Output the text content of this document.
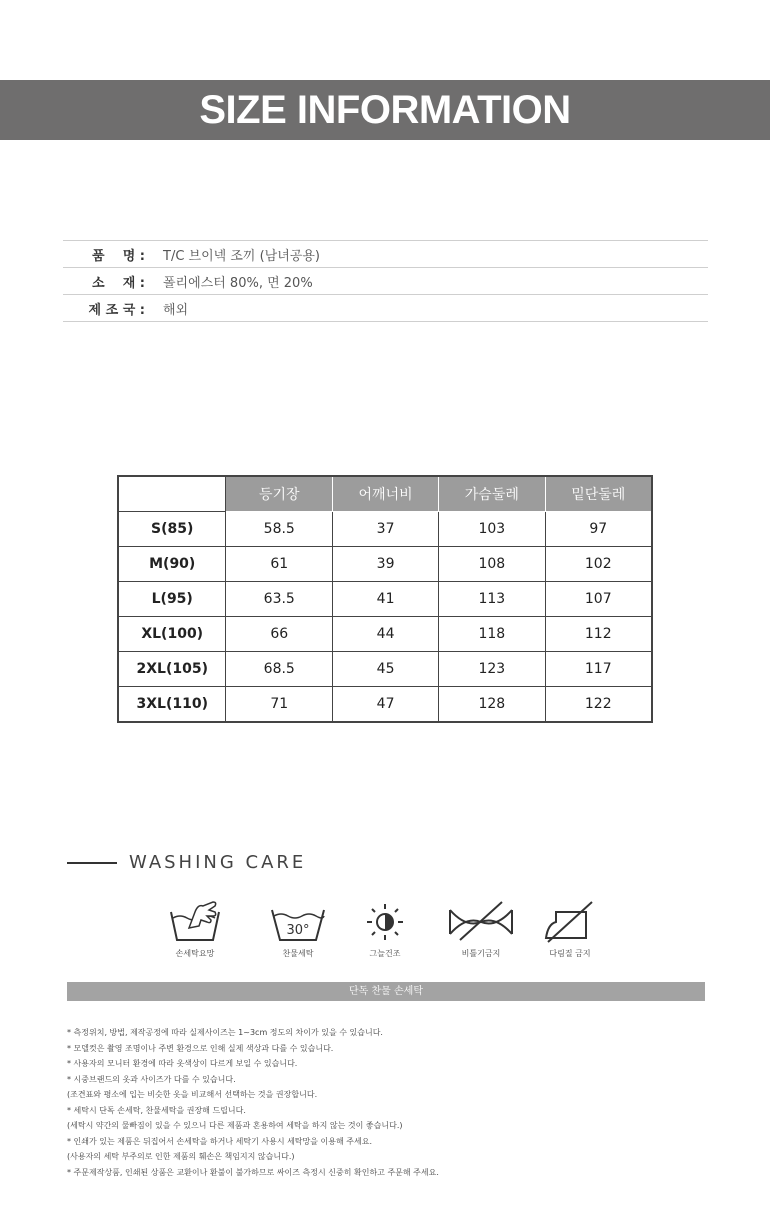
SIZE INFORMATION
품    명 :	T/C 브이넥 조끼 (남녀공용)
소    재 :	폴리에스터 80%, 면 20%
제 조 국 :	해외
	등기장	어깨너비	가슴둘레	밑단둘레
S(85)	58.5	37	103	97
M(90)	61	39	108	102
L(95)	63.5	41	113	107
XL(100)	66	44	118	112
2XL(105)	68.5	45	123	117
3XL(110)	71	47	128	122
WASHING CARE
손세탁요망
30°
찬물세탁	그늘건조	비틀기금지	다림질 금지
단독 찬물 손세탁
* 측정위치, 방법, 제작공정에 따라 실제사이즈는 1~3cm 정도의 차이가 있을 수 있습니다.
* 모델컷은 촬영 조명이나 주변 환경으로 인해 실제 색상과 다를 수 있습니다.
* 사용자의 모니터 환경에 따라 옷색상이 다르게 보일 수 있습니다.
* 시중브랜드의 옷과 사이즈가 다를 수 있습니다.
(조견표와 평소에 입는 비슷한 옷을 비교해서 선택하는 것을 권장합니다.
* 세탁시 단독 손세탁, 찬물세탁을 권장해 드립니다.
(세탁시 약간의 물빠짐이 있을 수 있으니 다른 제품과 혼용하여 세탁을 하지 않는 것이 좋습니다.)
* 인쇄가 있는 제품은 뒤집어서 손세탁을 하거나 세탁기 사용시 세탁망을 이용해 주세요.
(사용자의 세탁 부주의로 인한 제품의 훼손은 책임지지 않습니다.)
* 주문제작상품, 인쇄된 상품은 교환이나 환불이 불가하므로 싸이즈 측정시 신중히 확인하고 주문해 주세요.
